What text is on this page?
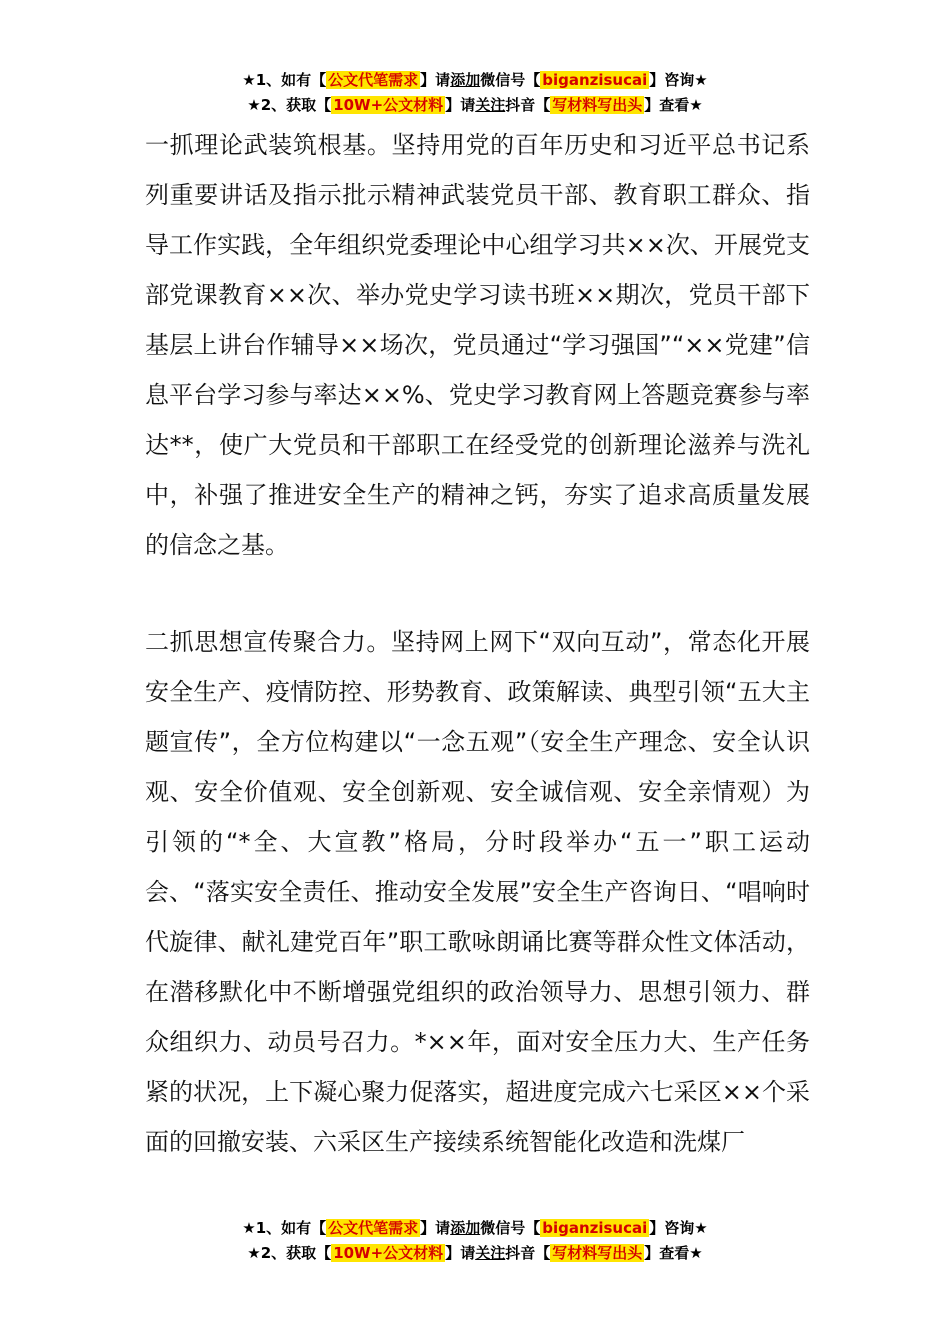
★1、如有【 公文代笔需求 】请添加微信号【 biganzisucai 】咨询★
★2、获取【 10W+公文材料 】请关注抖音【 写材料写出头 】查看★

一抓理论武装筑根基。坚持用党的百年历史和习近平总书记系列重要讲话及指示批示精神武装党员干部、教育职工群众、指导工作实践，全年组织党委理论中心组学习共××次、开展党支部党课教育××次、举办党史学习读书班××期次，党员干部下基层上讲台作辅导××场次，党员通过“学习强国”“××党建”信息平台学习参与率达××%、党史学习教育网上答题竞赛参与率达**，使广大党员和干部职工在经受党的创新理论滋养与洗礼中，补强了推进安全生产的精神之钙，夯实了追求高质量发展的信念之基。

二抓思想宣传聚合力。坚持网上网下“双向互动”，常态化开展安全生产、疫情防控、形势教育、政策解读、典型引领“五大主题宣传”，全方位构建以“一念五观”（安全生产理念、安全认识观、安全价值观、安全创新观、安全诚信观、安全亲情观）为引领的“*全、大宣教”格局，分时段举办“五一”职工运动会、“落实安全责任、推动安全发展”安全生产咨询日、“唱响时代旋律、献礼建党百年”职工歌咏朗诵比赛等群众性文体活动，在潜移默化中不断增强党组织的政治领导力、思想引领力、群众组织力、动员号召力。*××年，面对安全压力大、生产任务紧的状况，上下凝心聚力促落实，超进度完成六七采区××个采面的回撤安装、六采区生产接续系统智能化改造和洗煤厂

★1、如有【 公文代笔需求 】请添加微信号【 biganzisucai 】咨询★
★2、获取【 10W+公文材料 】请关注抖音【 写材料写出头 】查看★
